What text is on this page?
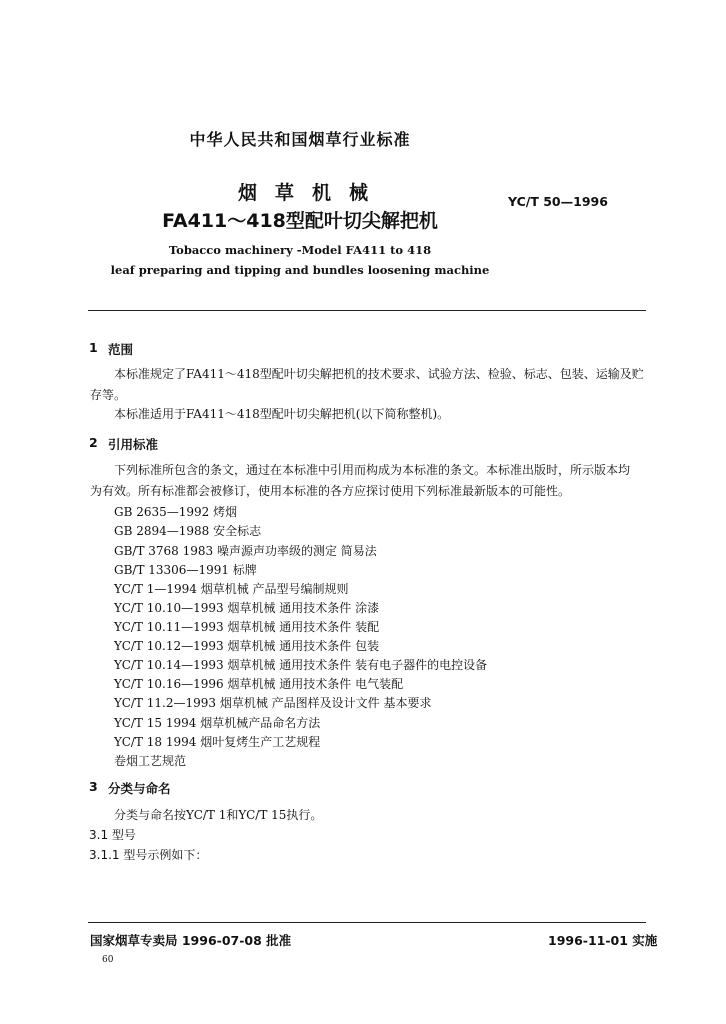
中华人民共和国烟草行业标准
烟草机械
FA411～418型配叶切尖解把机
YC/T 50—1996
Tobacco machinery -Model FA411 to 418
leaf preparing and tipping and bundles loosening machine
1 范围
本标准规定了FA411～418型配叶切尖解把机的技术要求、试验方法、检验、标志、包装、运输及贮
存等。
本标准适用于FA411～418型配叶切尖解把机(以下简称整机)。
2 引用标准
下列标准所包含的条文，通过在本标准中引用而构成为本标准的条文。本标准出版时，所示版本均
为有效。所有标准都会被修订，使用本标准的各方应探讨使用下列标准最新版本的可能性。
GB 2635—1992 烤烟
GB 2894—1988 安全标志
GB/T 3768 1983 噪声源声功率级的测定 简易法
GB/T 13306—1991 标牌
YC/T 1—1994 烟草机械 产品型号编制规则
YC/T 10.10—1993 烟草机械 通用技术条件 涂漆
YC/T 10.11—1993 烟草机械 通用技术条件 装配
YC/T 10.12—1993 烟草机械 通用技术条件 包装
YC/T 10.14—1993 烟草机械 通用技术条件 装有电子器件的电控设备
YC/T 10.16—1996 烟草机械 通用技术条件 电气装配
YC/T 11.2—1993 烟草机械 产品图样及设计文件 基本要求
YC/T 15 1994 烟草机械产品命名方法
YC/T 18 1994 烟叶复烤生产工艺规程
卷烟工艺规范
3 分类与命名
分类与命名按YC/T 1和YC/T 15执行。
3.1 型号
3.1.1 型号示例如下：
国家烟草专卖局 1996-07-08 批准	1996-11-01 实施
60
